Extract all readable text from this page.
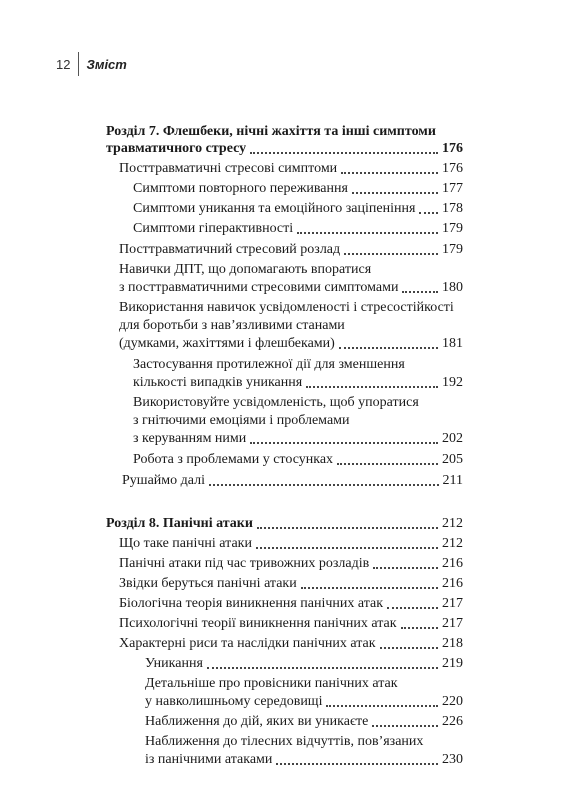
12 Зміст
Розділ 7. Флешбеки, нічні жахіття та інші симптоми
травматичного стресу	176
Посттравматичні стресові симптоми	176
Симптоми повторного переживання	177
Симптоми уникання та емоційного заціпеніння 178
Симптоми гіперактивності	179
Посттравматичний стресовий розлад	179
Навички ДПТ, що допомагають впоратися
з посттравматичними стресовими симптомами	180
Використання навичок усвідомленості і стресостійкості
для боротьби з нав’язливими станами
(думками, жахіттями і флешбеками)	181
Застосування протилежної дії для зменшення
кількості випадків уникання	192
Використовуйте усвідомленість, щоб упоратися
з гнітючими емоціями і проблемами
з керуванням ними	202
Робота з проблемами у стосунках	205
Рушаймо далі	211
Розділ 8. Панічні атаки	212
Що таке панічні атаки	212
Панічні атаки під час тривожних розладів	216
Звідки беруться панічні атаки	216
Біологічна теорія виникнення панічних атак	217
Психологічні теорії виникнення панічних атак	217
Характерні риси та наслідки панічних атак	218
Уникання	219
Детальніше про провісники панічних атак
у навколишньому середовищі	220
Наближення до дій, яких ви уникаєте	226
Наближення до тілесних відчуттів, пов’язаних
із панічними атаками	230
